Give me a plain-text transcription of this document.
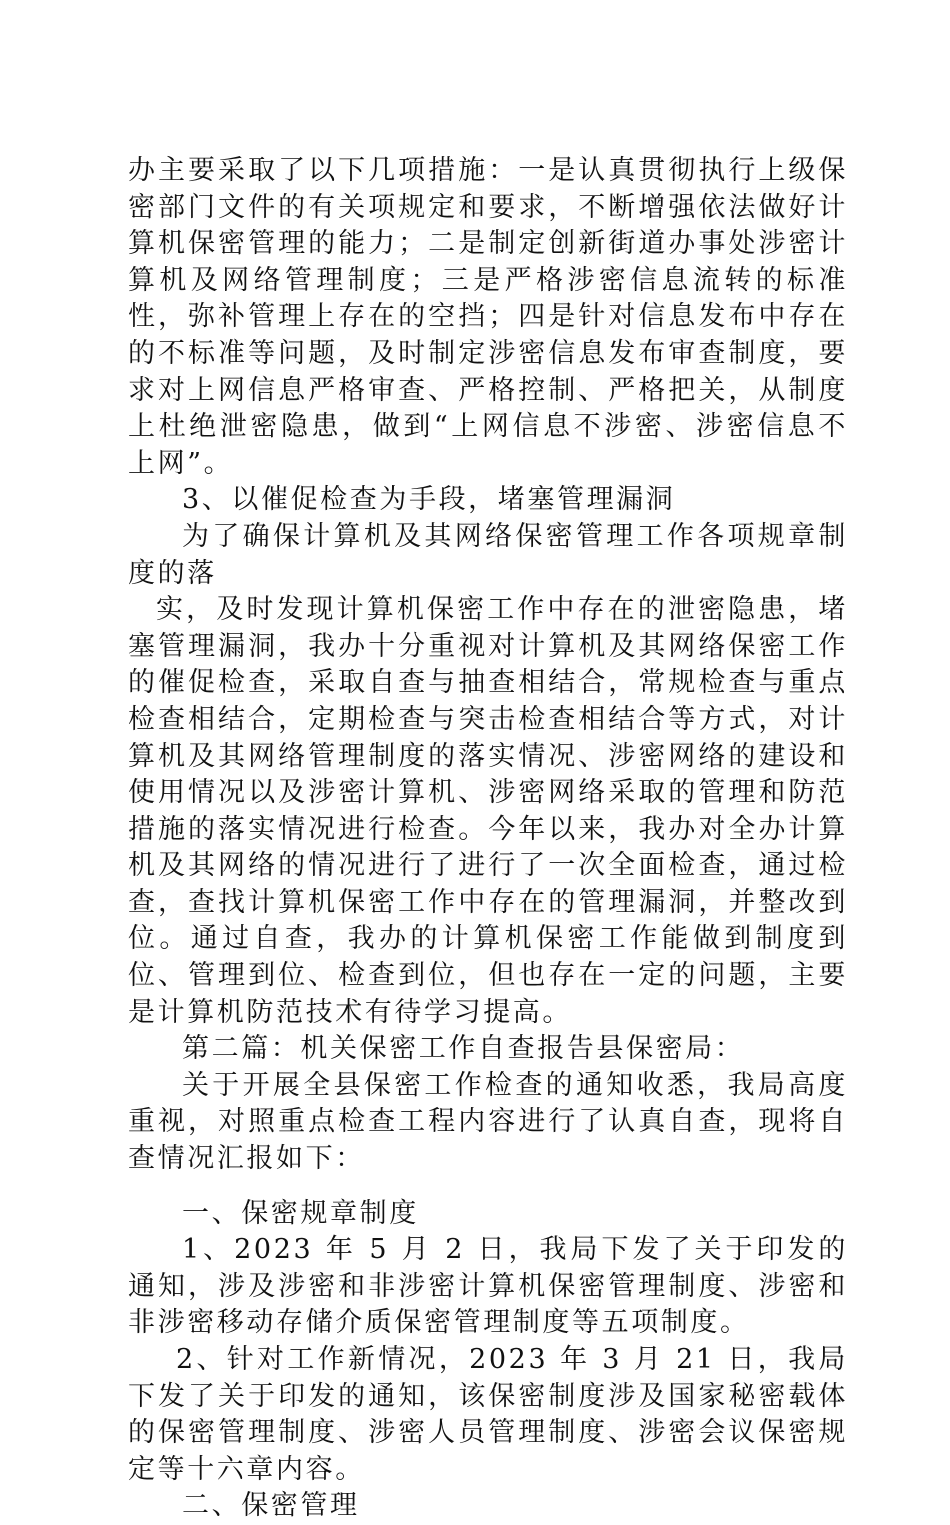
办主要采取了以下几项措施：一是认真贯彻执行上级保密部门文件的有关项规定和要求，不断增强依法做好计算机保密管理的能力；二是制定创新街道办事处涉密计算机及网络管理制度；三是严格涉密信息流转的标准性，弥补管理上存在的空挡；四是针对信息发布中存在的不标准等问题，及时制定涉密信息发布审查制度，要求对上网信息严格审查、严格控制、严格把关，从制度上杜绝泄密隐患，做到“上网信息不涉密、涉密信息不上网”。

3、以催促检查为手段，堵塞管理漏洞

为了确保计算机及其网络保密管理工作各项规章制度的落

实，及时发现计算机保密工作中存在的泄密隐患，堵塞管理漏洞，我办十分重视对计算机及其网络保密工作的催促检查，采取自查与抽查相结合，常规检查与重点检查相结合，定期检查与突击检查相结合等方式，对计算机及其网络管理制度的落实情况、涉密网络的建设和使用情况以及涉密计算机、涉密网络采取的管理和防范措施的落实情况进行检查。今年以来，我办对全办计算机及其网络的情况进行了进行了一次全面检查，通过检查，查找计算机保密工作中存在的管理漏洞，并整改到位。通过自查，我办的计算机保密工作能做到制度到位、管理到位、检查到位，但也存在一定的问题，主要是计算机防范技术有待学习提高。

第二篇：机关保密工作自查报告县保密局：

关于开展全县保密工作检查的通知收悉，我局高度重视，对照重点检查工程内容进行了认真自查，现将自查情况汇报如下：

一、保密规章制度

1、2023 年 5 月 2 日，我局下发了关于印发的通知，涉及涉密和非涉密计算机保密管理制度、涉密和非涉密移动存储介质保密管理制度等五项制度。

2、针对工作新情况，2023 年 3 月 21 日，我局下发了关于印发的通知，该保密制度涉及国家秘密载体的保密管理制度、涉密人员管理制度、涉密会议保密规定等十六章内容。

二、保密管理
